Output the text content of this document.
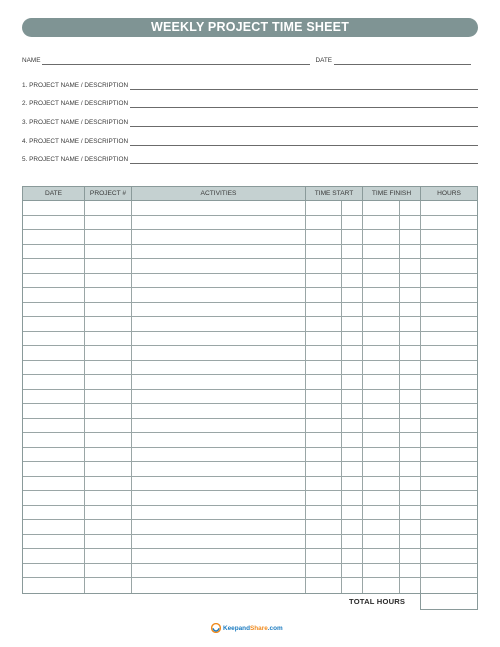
WEEKLY PROJECT TIME SHEET
NAME	DATE
1. PROJECT NAME / DESCRIPTION
2. PROJECT NAME / DESCRIPTION
3. PROJECT NAME / DESCRIPTION
4. PROJECT NAME / DESCRIPTION
5. PROJECT NAME / DESCRIPTION
DATE	PROJECT #	ACTIVITIES	TIME START	TIME FINISH	HOURS
TOTAL HOURS
KeepandShare.com
